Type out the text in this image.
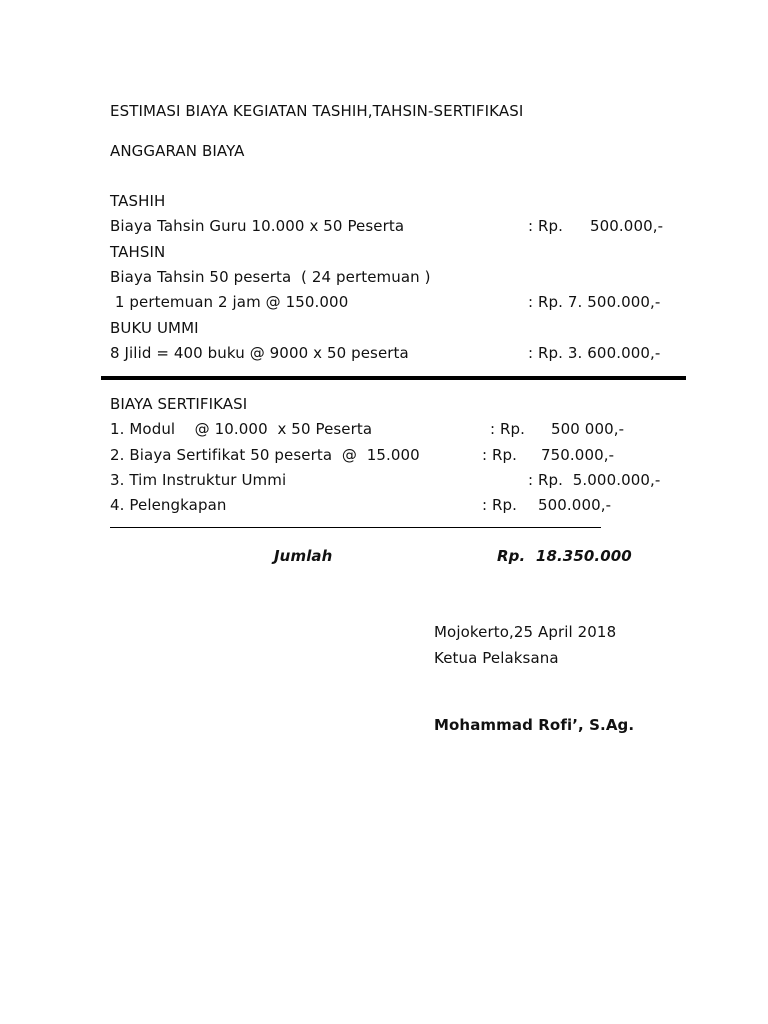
ESTIMASI BIAYA KEGIATAN TASHIH,TAHSIN-SERTIFIKASI
ANGGARAN BIAYA
TASHIH
Biaya Tahsin Guru 10.000 x 50 Peserta	: Rp. 500.000,-
TAHSIN
Biaya Tahsin 50 peserta  ( 24 pertemuan )
1 pertemuan 2 jam @ 150.000	: Rp. 7. 500.000,-
BUKU UMMI
8 Jilid = 400 buku @ 9000 x 50 peserta	: Rp. 3. 600.000,-
BIAYA SERTIFIKASI
1. Modul    @ 10.000  x 50 Peserta	: Rp. 500 000,-
2. Biaya Sertifikat 50 peserta  @  15.000	: Rp. 750.000,-
3. Tim Instruktur Ummi	: Rp.  5.000.000,-
4. Pelengkapan	: Rp. 500.000,-
Jumlah	Rp.  18.350.000
Mojokerto,25 April 2018
Ketua Pelaksana
Mohammad Rofi’, S.Ag.
